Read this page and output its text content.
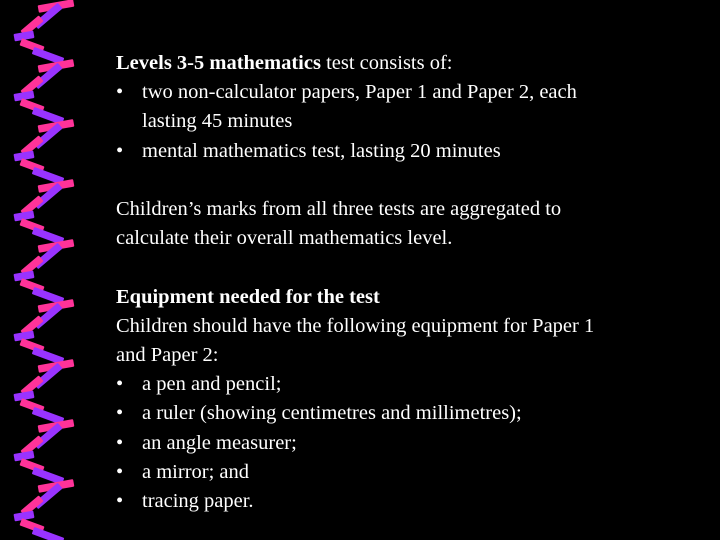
Levels 3-5 mathematics test consists of:
• two non-calculator papers, Paper 1 and Paper 2, each
lasting 45 minutes
• mental mathematics test, lasting 20 minutes
Children’s marks from all three tests are aggregated to
calculate their overall mathematics level.
Equipment needed for the test
Children should have the following equipment for Paper 1
and Paper 2:
• a pen and pencil;
• a ruler (showing centimetres and millimetres);
• an angle measurer;
• a mirror; and
• tracing paper.
